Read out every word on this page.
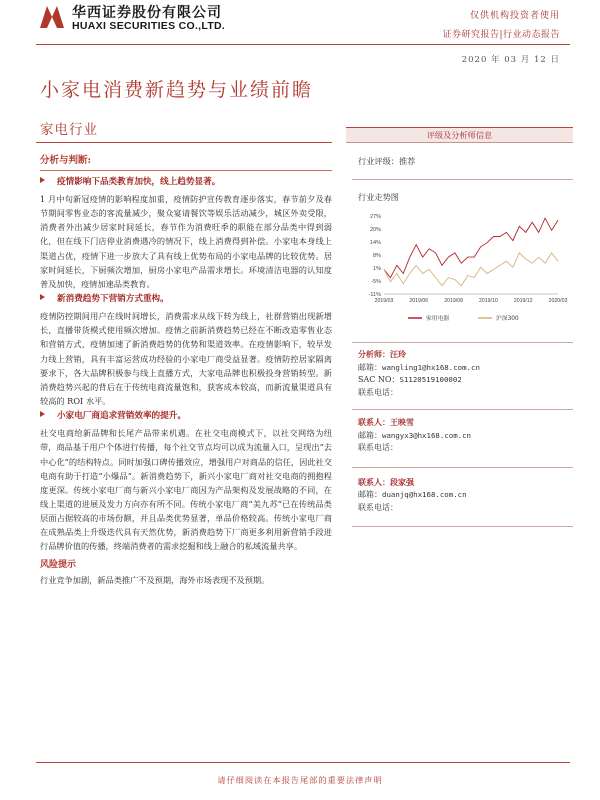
华西证券股份有限公司
HUAXI SECURITIES CO.,LTD.
仅供机构投资者使用
证券研究报告|行业动态报告
2020 年 03 月 12 日
小家电消费新趋势与业绩前瞻
家电行业
分析与判断:
疫情影响下品类教育加快，线上趋势显著。

1 月中旬新冠疫情的影响程度加重，疫情防护宣传教育逐步落实，春节前夕及春节期间零售业态的客流量减少，聚众宴请餐饮等娱乐活动减少，城区外卖受限，消费者外出减少居家时间延长，春节作为消费旺季的职能在部分品类中得到弱化，但在线下门店停业消费遇冷的情况下，线上消费得到补偿。小家电本身线上渠道占优，疫情下进一步放大了具有线上优势布局的小家电品牌的比较优势。居家时间延长，下厨频次增加，厨房小家电产品需求增长。环境清洁电器的认知度普及加快，疫情加速品类教育。

新消费趋势下营销方式重构。

疫情防控期间用户在线时间增长，消费需求从线下转为线上，社群营销出现新增长，直播带货模式使用频次增加。疫情之前新消费趋势已经在不断改造零售业态和营销方式，疫情加速了新消费趋势的优势和渠道效率。在疫情影响下，较早发力线上营销，具有丰富运营成功经验的小家电厂商受益显著。疫情防控居家隔离要求下，各大品牌积极参与线上直播方式，大家电品牌也积极投身营销转型。新消费趋势兴起的背后在于传统电商流量饱和，获客成本较高，而新流量渠道具有较高的 ROI 水平。

小家电厂商追求营销效率的提升。

社交电商给新品牌和长尾产品带来机遇。在社交电商模式下，以社交网络为纽带，商品基于用户个体进行传播，每个社交节点均可以成为流量入口，呈现出“去中心化”的结构特点。同时加强口碑传播效应，增强用户对商品的信任，因此社交电商有助于打造“小爆品”。新消费趋势下，新兴小家电厂商对社交电商的拥抱程度更深。传统小家电厂商与新兴小家电厂商因为产品架构及发展战略的不同，在线上渠道的进展及发力方向亦有所不同。传统小家电厂商“美九苏”已在传统品类层面占据较高的市场份额，并且品类优势显著，单品价格较高。传统小家电厂商在成熟品类上升级迭代具有天然优势，新消费趋势下厂商更多利用新营销手段进行品牌价值的传播，终端消费者的需求挖掘和线上融合的私域流量共享。

风险提示

行业竞争加剧，新品类推广不及预期，海外市场表现不及预期。

评级及分析师信息
行业评级：推荐
行业走势图
27%
20%
14%
8%
1%
-5%
-11%
2019/03	2019/06	2019/08	2019/10	2019/12	2020/03
家用电器	沪深300
分析师：汪玲
邮箱：wangling1@hx168.com.cn
SAC NO：S1120519100002
联系电话：
联系人：王映雪
邮箱：wangyx3@hx168.com.cn
联系电话：
联系人：段家强
邮箱：duanjq@hx168.com.cn
联系电话：
请仔细阅读在本报告尾部的重要法律声明
